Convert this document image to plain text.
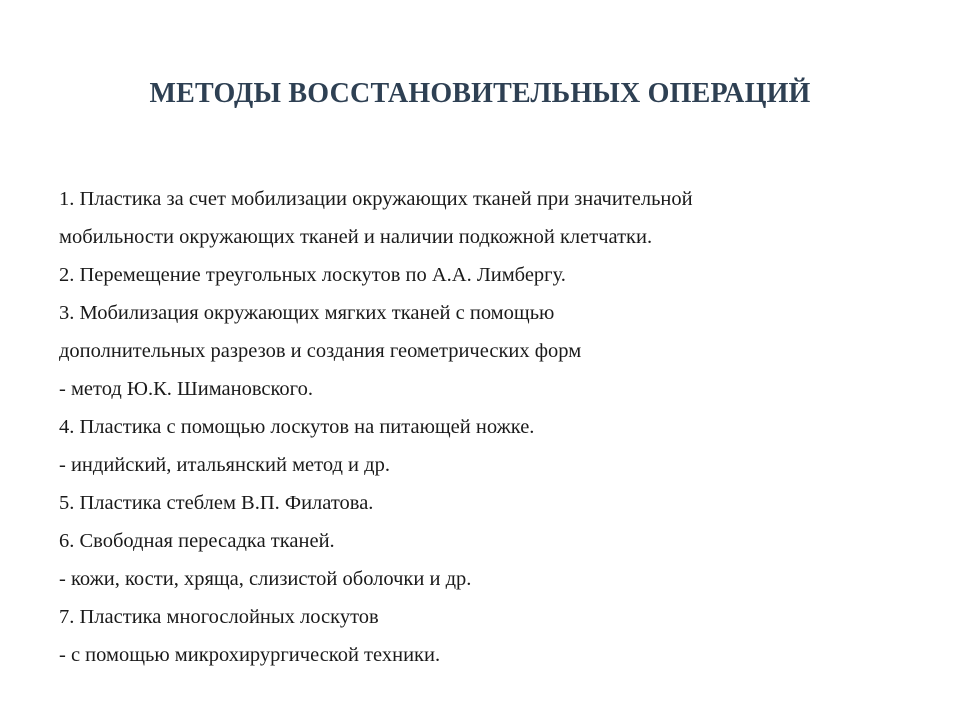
МЕТОДЫ ВОССТАНОВИТЕЛЬНЫХ ОПЕРАЦИЙ
1. Пластика за счет мобилизации окружающих тканей при значительной
мобильности окружающих тканей и наличии подкожной клетчатки.
2. Перемещение треугольных лоскутов по А.А. Лимбергу.
3. Мобилизация окружающих мягких тканей с помощью
дополнительных разрезов и создания геометрических форм
- метод Ю.К. Шимановского.
4. Пластика с помощью лоскутов на питающей ножке.
- индийский, итальянский метод и др.
5. Пластика стеблем В.П. Филатова.
6. Свободная пересадка тканей.
- кожи, кости, хряща, слизистой оболочки и др.
7. Пластика многослойных лоскутов
- с помощью микрохирургической техники.
